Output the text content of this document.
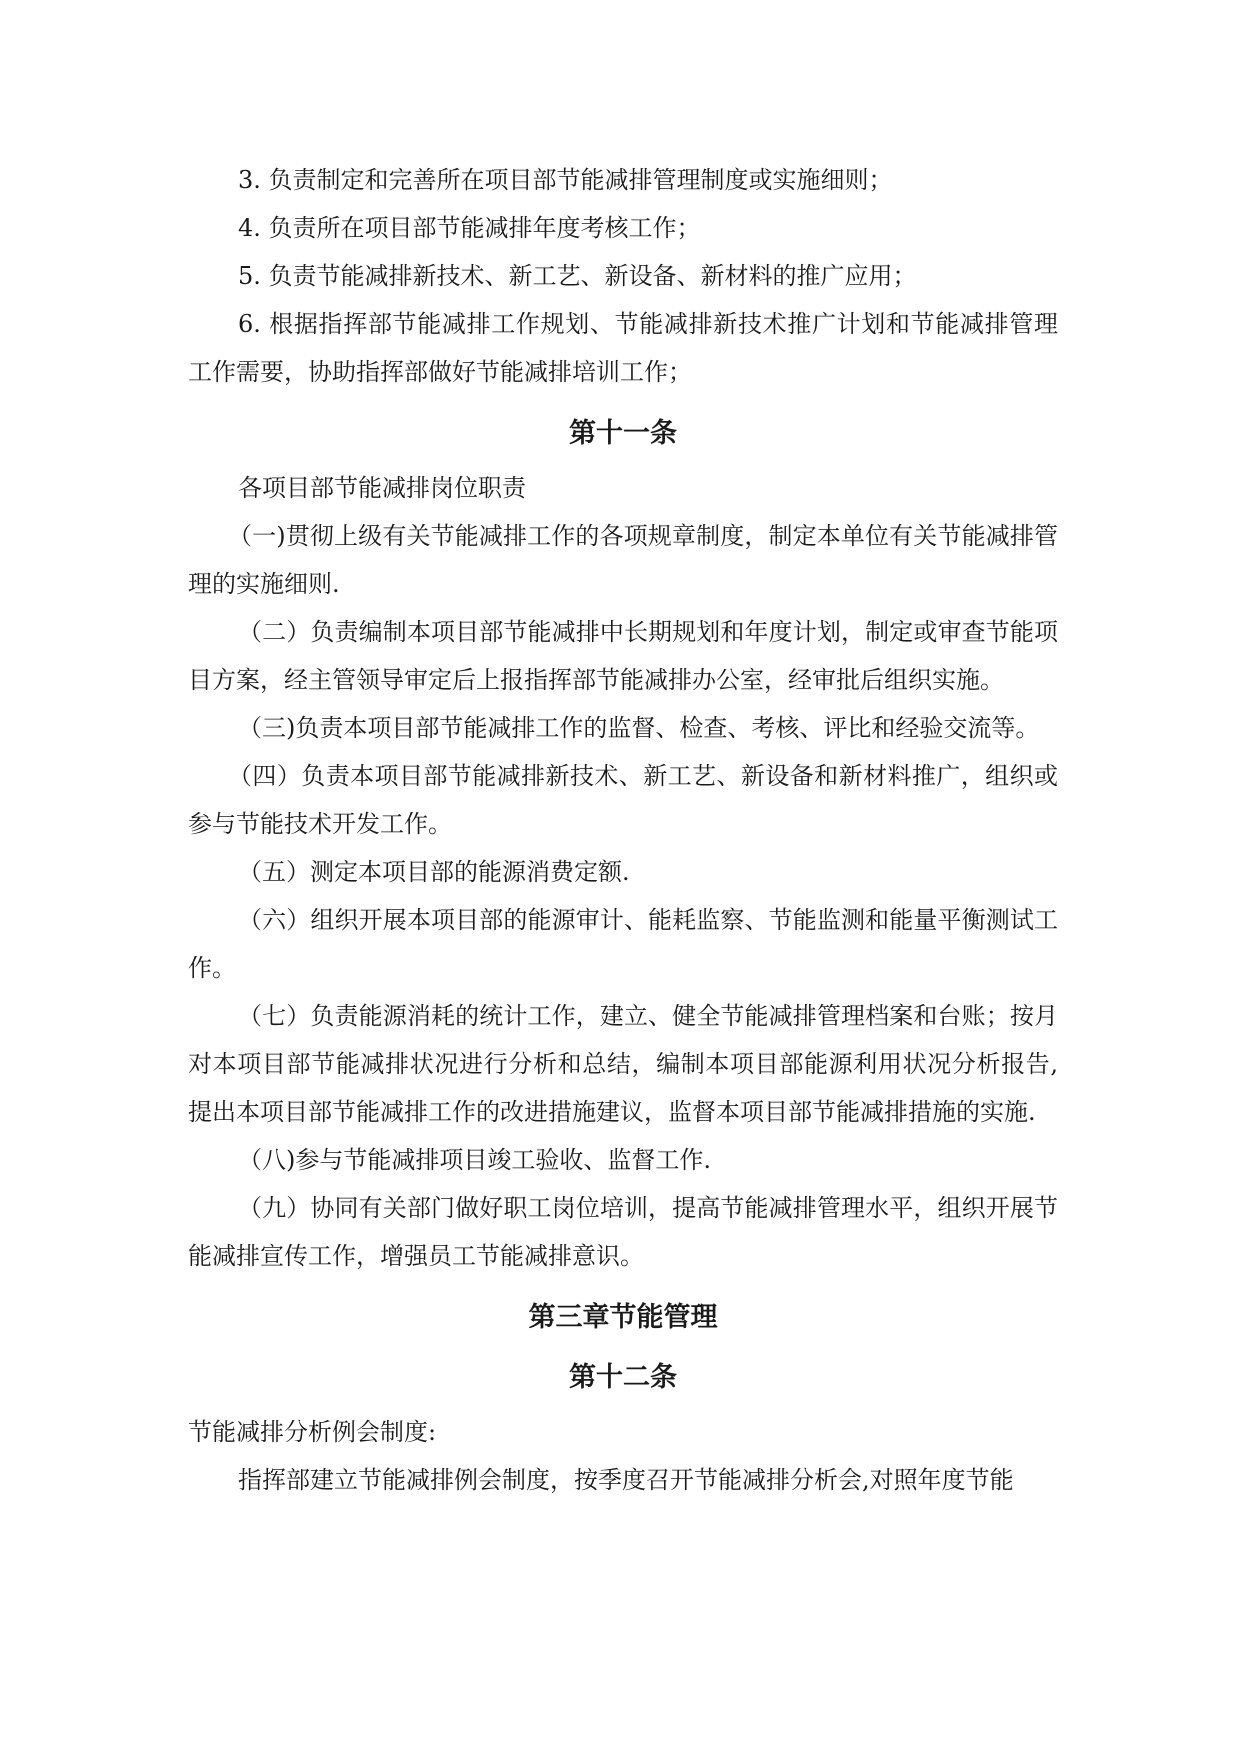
3. 负责制定和完善所在项目部节能减排管理制度或实施细则；

4. 负责所在项目部节能减排年度考核工作；

5. 负责节能减排新技术、新工艺、新设备、新材料的推广应用；

6. 根据指挥部节能减排工作规划、节能减排新技术推广计划和节能减排管理工作需要，协助指挥部做好节能减排培训工作；

第十一条

各项目部节能减排岗位职责

（一)贯彻上级有关节能减排工作的各项规章制度，制定本单位有关节能减排管理的实施细则.

（二）负责编制本项目部节能减排中长期规划和年度计划，制定或审查节能项目方案，经主管领导审定后上报指挥部节能减排办公室，经审批后组织实施。

（三)负责本项目部节能减排工作的监督、检查、考核、评比和经验交流等。

（四）负责本项目部节能减排新技术、新工艺、新设备和新材料推广，组织或参与节能技术开发工作。

（五）测定本项目部的能源消费定额.

（六）组织开展本项目部的能源审计、能耗监察、节能监测和能量平衡测试工作。

（七）负责能源消耗的统计工作，建立、健全节能减排管理档案和台账；按月对本项目部节能减排状况进行分析和总结，编制本项目部能源利用状况分析报告,提出本项目部节能减排工作的改进措施建议，监督本项目部节能减排措施的实施.

（八)参与节能减排项目竣工验收、监督工作.

（九）协同有关部门做好职工岗位培训，提高节能减排管理水平，组织开展节能减排宣传工作，增强员工节能减排意识。

第三章节能管理
第十二条

节能减排分析例会制度:

指挥部建立节能减排例会制度，按季度召开节能减排分析会,对照年度节能
